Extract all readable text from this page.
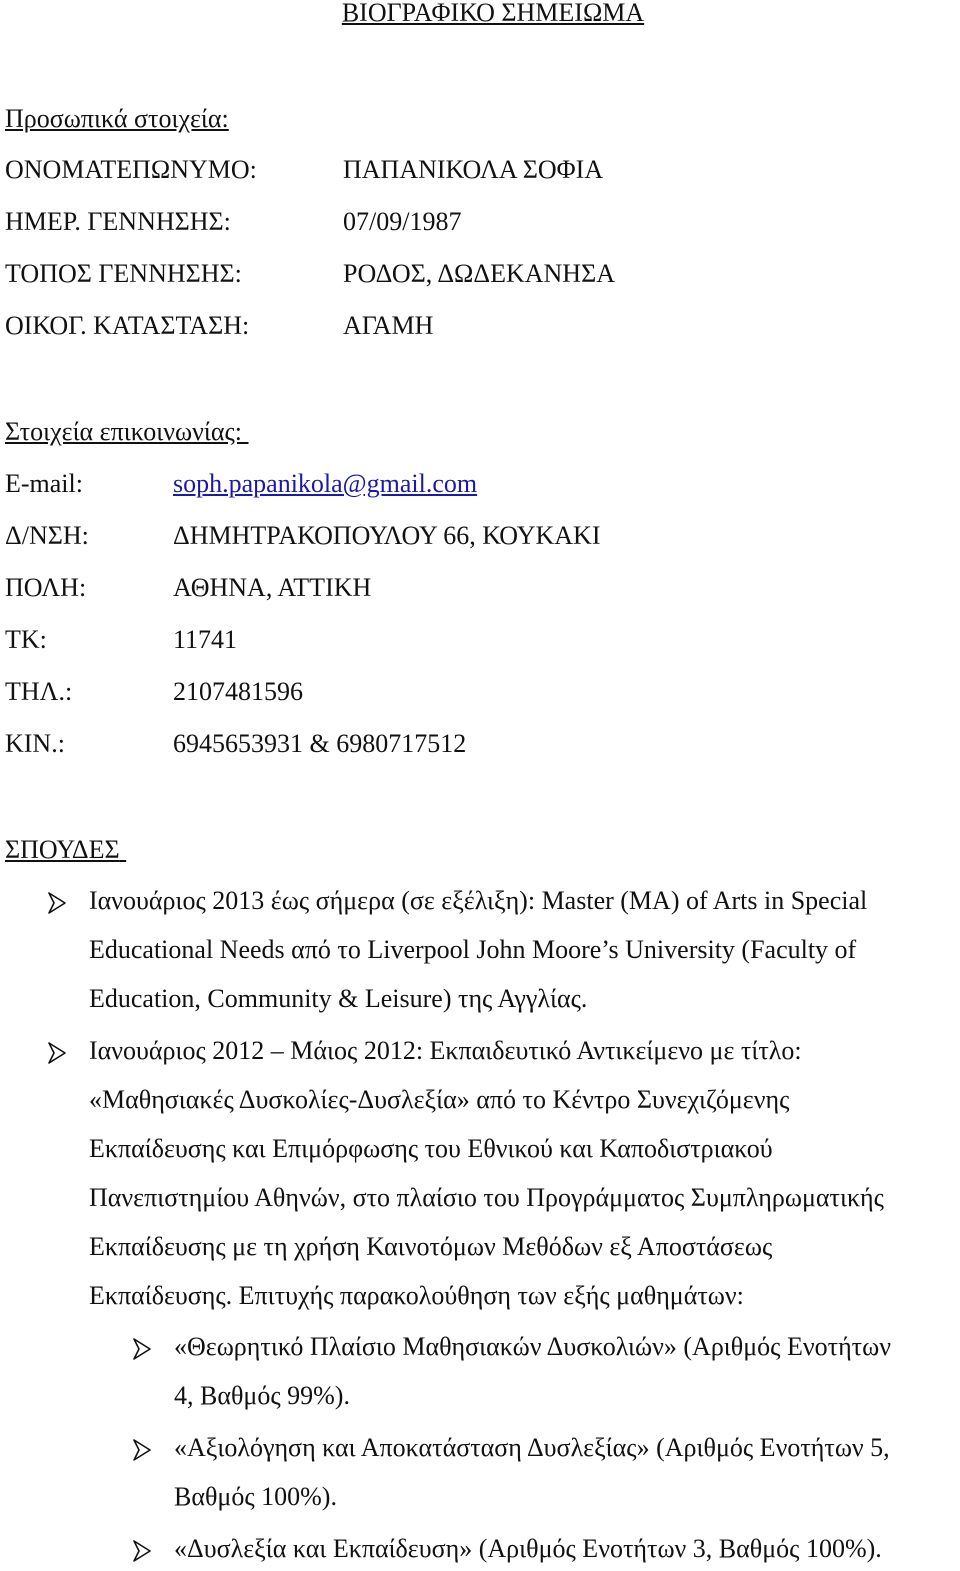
ΒΙΟΓΡΑΦΙΚΟ ΣΗΜΕΙΩΜΑ
Προσωπικά στοιχεία:
ΟΝΟΜΑΤΕΠΩΝΥΜΟ:	ΠΑΠΑΝΙΚΟΛΑ ΣΟΦΙΑ
ΗΜΕΡ. ΓΕΝΝΗΣΗΣ:	07/09/1987
ΤΟΠΟΣ ΓΕΝΝΗΣΗΣ:	ΡΟΔΟΣ, ΔΩΔΕΚΑΝΗΣΑ
ΟΙΚΟΓ. ΚΑΤΑΣΤΑΣΗ:	ΑΓΑΜΗ
Στοιχεία επικοινωνίας:
E-mail:	soph.papanikola@gmail.com
Δ/ΝΣΗ:	ΔΗΜΗΤΡΑΚΟΠΟΥΛΟΥ 66, ΚΟΥΚΑΚΙ
ΠΟΛΗ:	ΑΘΗΝΑ, ΑΤΤΙΚΗ
ΤΚ:	11741
ΤΗΛ.:	2107481596
ΚΙΝ.:	6945653931 & 6980717512
ΣΠΟΥΔΕΣ
Ιανουάριος 2013 έως σήμερα (σε εξέλιξη): Master (MA) of Arts in Special
Educational Needs από το Liverpool John Moore’s University (Faculty of
Education, Community & Leisure) της Αγγλίας.
Ιανουάριος 2012 – Μάιος 2012: Εκπαιδευτικό Αντικείμενο με τίτλο:
«Μαθησιακές Δυσκολίες-Δυσλεξία» από το Κέντρο Συνεχιζόμενης
Εκπαίδευσης και Επιμόρφωσης του Εθνικού και Καποδιστριακού
Πανεπιστημίου Αθηνών, στο πλαίσιο του Προγράμματος Συμπληρωματικής
Εκπαίδευσης με τη χρήση Καινοτόμων Μεθόδων εξ Αποστάσεως
Εκπαίδευσης. Επιτυχής παρακολούθηση των εξής μαθημάτων:
«Θεωρητικό Πλαίσιο Μαθησιακών Δυσκολιών» (Αριθμός Ενοτήτων
4, Βαθμός 99%).
«Αξιολόγηση και Αποκατάσταση Δυσλεξίας» (Αριθμός Ενοτήτων 5,
Βαθμός 100%).
«Δυσλεξία και Εκπαίδευση» (Αριθμός Ενοτήτων 3, Βαθμός 100%).
